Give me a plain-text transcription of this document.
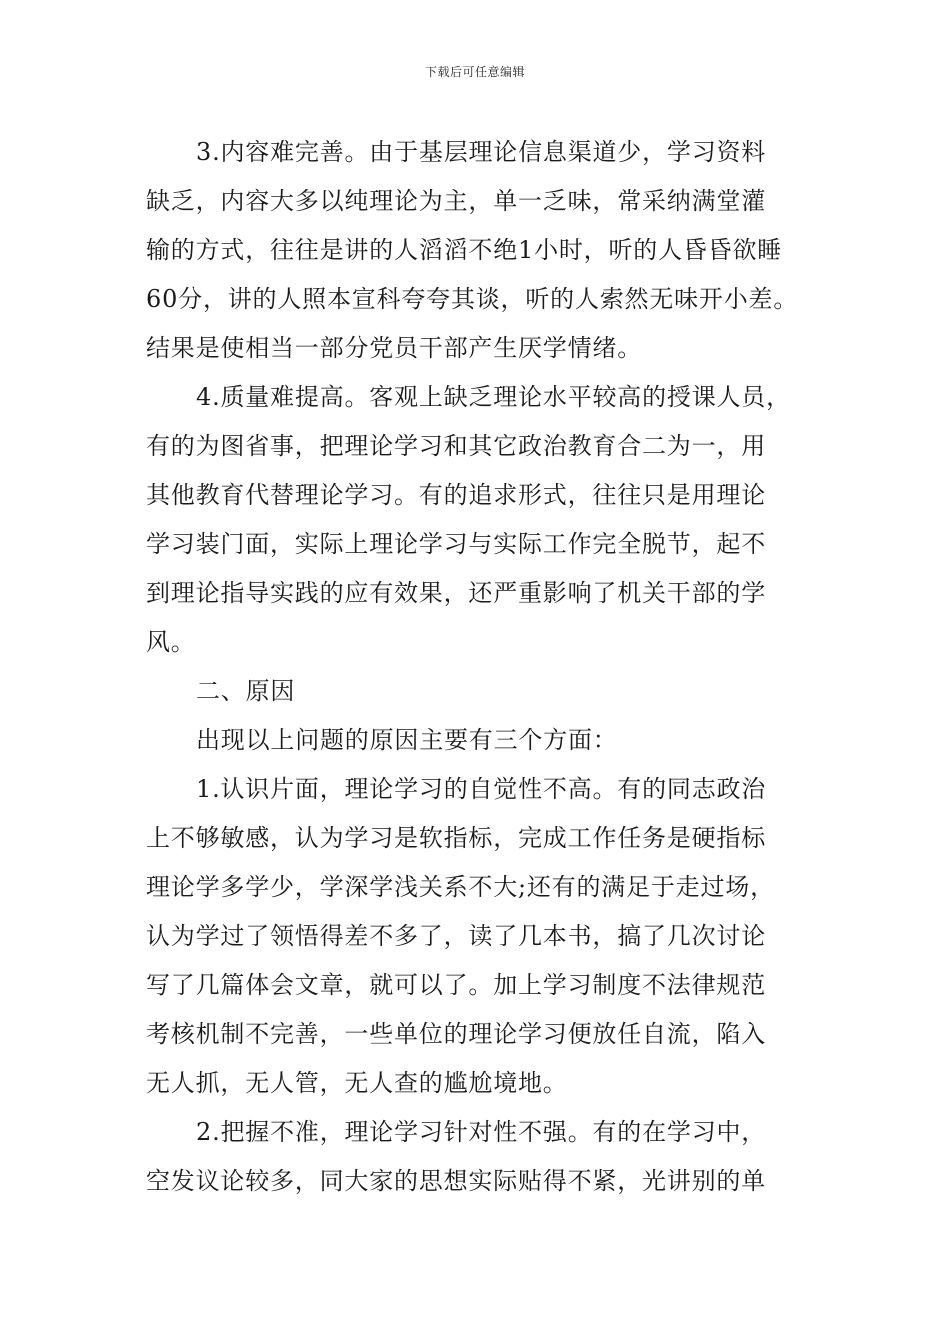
下载后可任意编辑
3.内容难完善。由于基层理论信息渠道少，学习资料
缺乏，内容大多以纯理论为主，单一乏味，常采纳满堂灌
输的方式，往往是讲的人滔滔不绝1小时，听的人昏昏欲睡
60分，讲的人照本宣科夸夸其谈，听的人索然无味开小差。
结果是使相当一部分党员干部产生厌学情绪。
4.质量难提高。客观上缺乏理论水平较高的授课人员，
有的为图省事，把理论学习和其它政治教育合二为一，用
其他教育代替理论学习。有的追求形式，往往只是用理论
学习装门面，实际上理论学习与实际工作完全脱节，起不
到理论指导实践的应有效果，还严重影响了机关干部的学
风。
二、原因
出现以上问题的原因主要有三个方面：
1.认识片面，理论学习的自觉性不高。有的同志政治
上不够敏感，认为学习是软指标，完成工作任务是硬指标
理论学多学少，学深学浅关系不大;还有的满足于走过场，
认为学过了领悟得差不多了，读了几本书，搞了几次讨论
写了几篇体会文章，就可以了。加上学习制度不法律规范
考核机制不完善，一些单位的理论学习便放任自流，陷入
无人抓，无人管，无人查的尴尬境地。
2.把握不准，理论学习针对性不强。有的在学习中，
空发议论较多，同大家的思想实际贴得不紧，光讲别的单
